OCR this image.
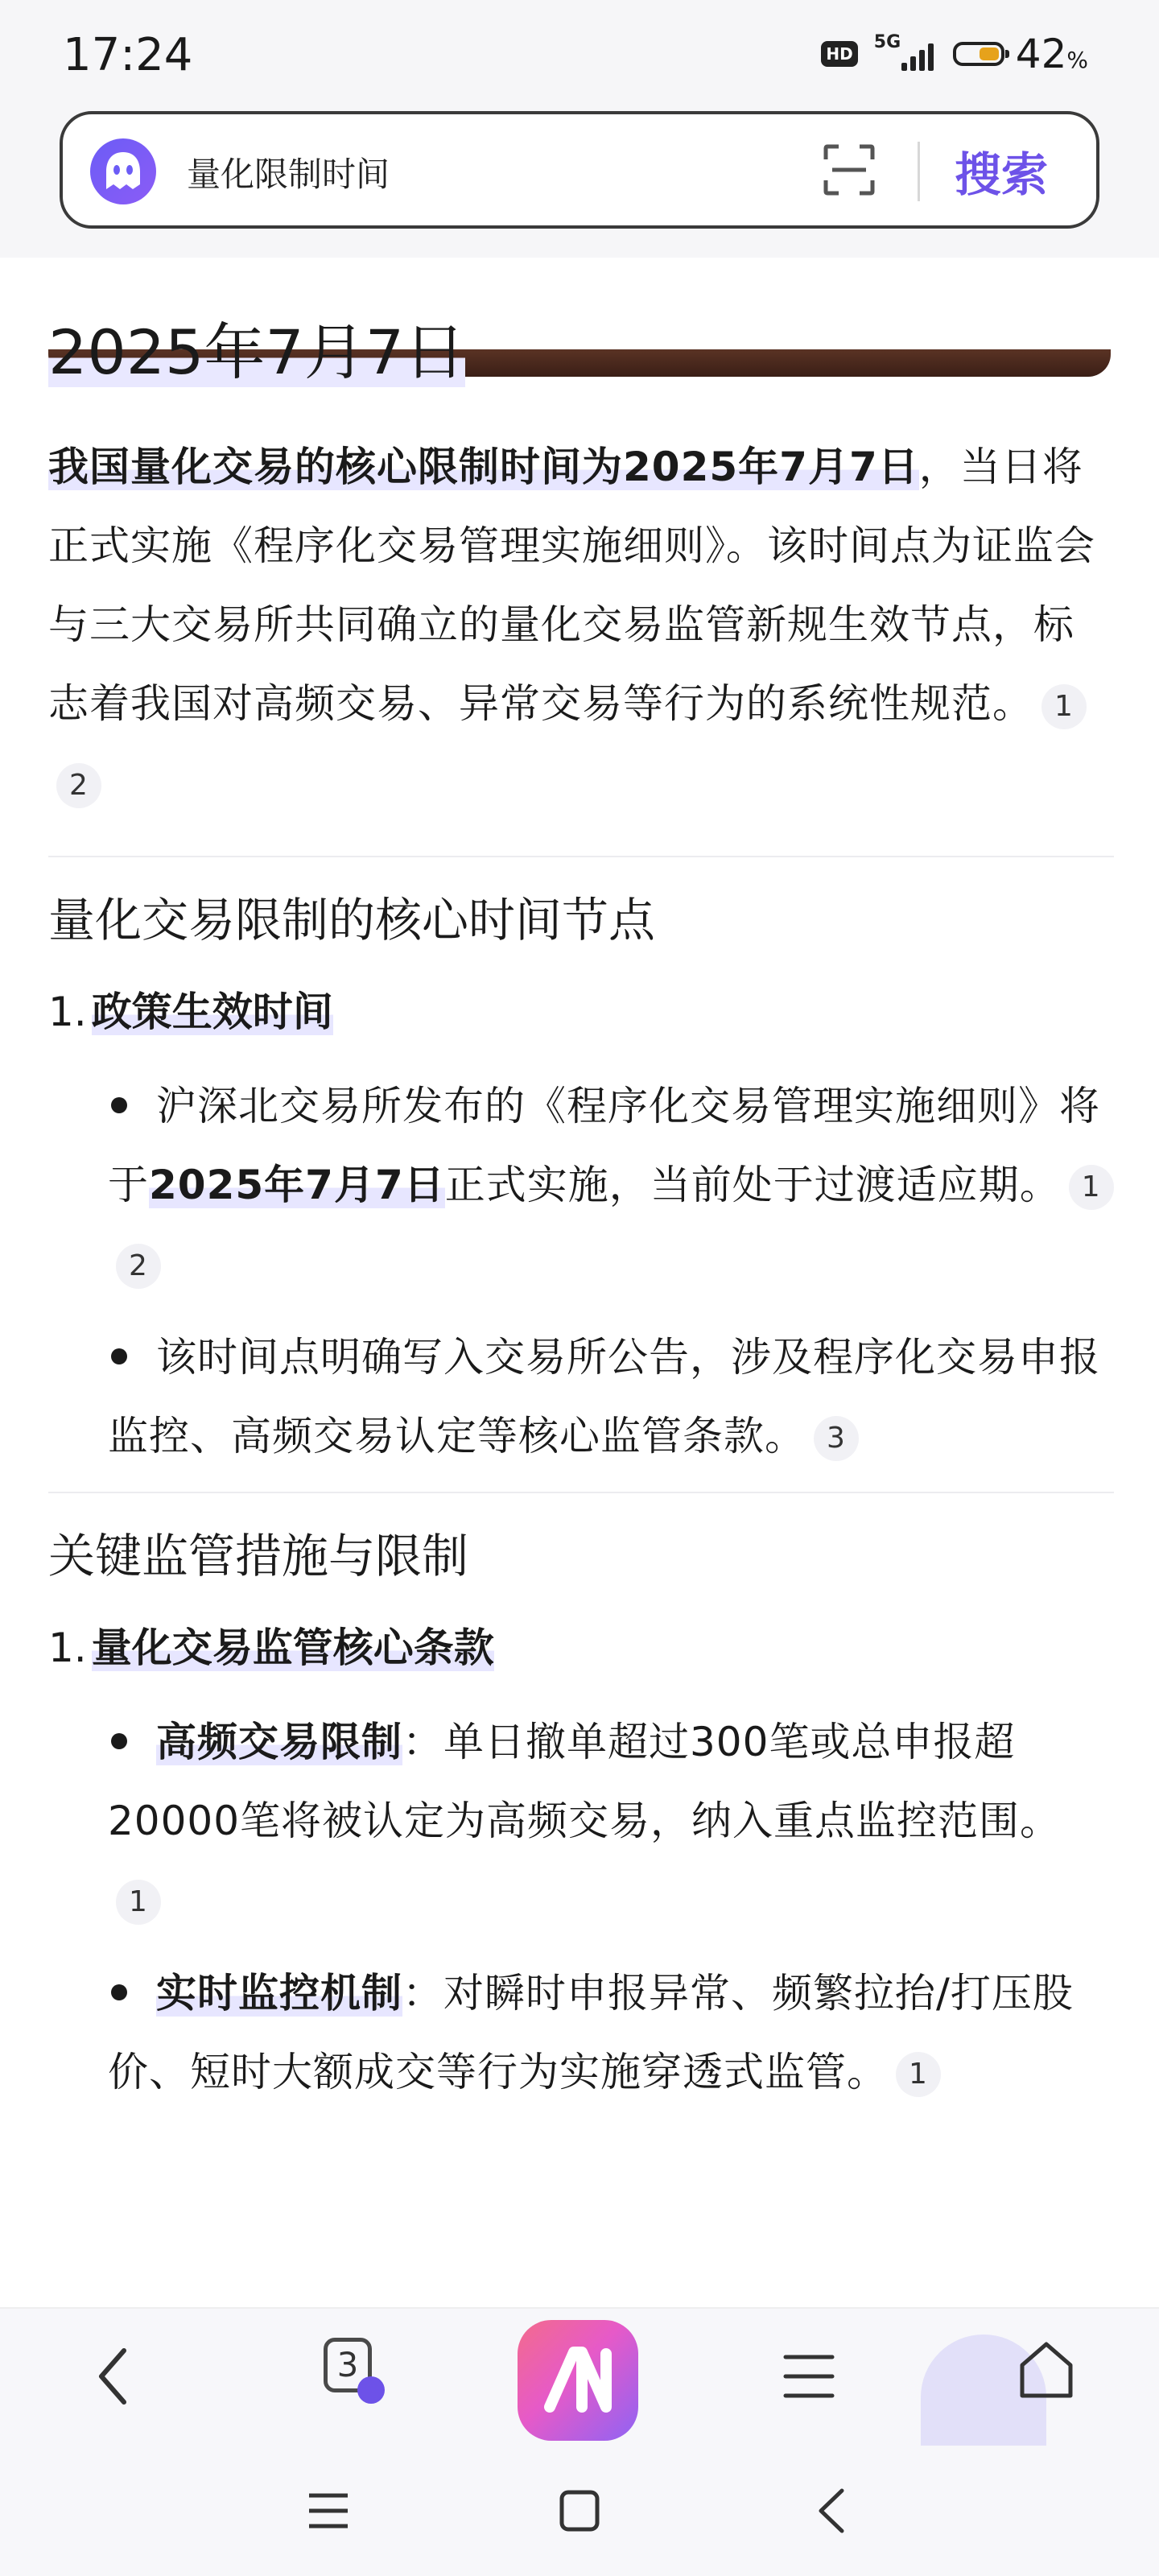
17:24	HD
5G	42%
量化限制时间	搜索
2025年7月7日

我国量化交易的核心限制时间为2025年7月7日，当日将正式实施《程序化交易管理实施细则》。该时间点为证监会与三大交易所共同确立的量化交易监管新规生效节点，标志着我国对高频交易、异常交易等行为的系统性规范。 12

量化交易限制的核心时间节点
1. 政策生效时间
沪深北交易所发布的《程序化交易管理实施细则》将于2025年7月7日正式实施，当前处于过渡适应期。 12
该时间点明确写入交易所公告，涉及程序化交易申报监控、高频交易认定等核心监管条款。 3
关键监管措施与限制
1. 量化交易监管核心条款
高频交易限制：单日撤单超过300笔或总申报超20000笔将被认定为高频交易，纳入重点监控范围。1
实时监控机制：对瞬时申报异常、频繁拉抬/打压股价、短时大额成交等行为实施穿透式监管。 1
3
